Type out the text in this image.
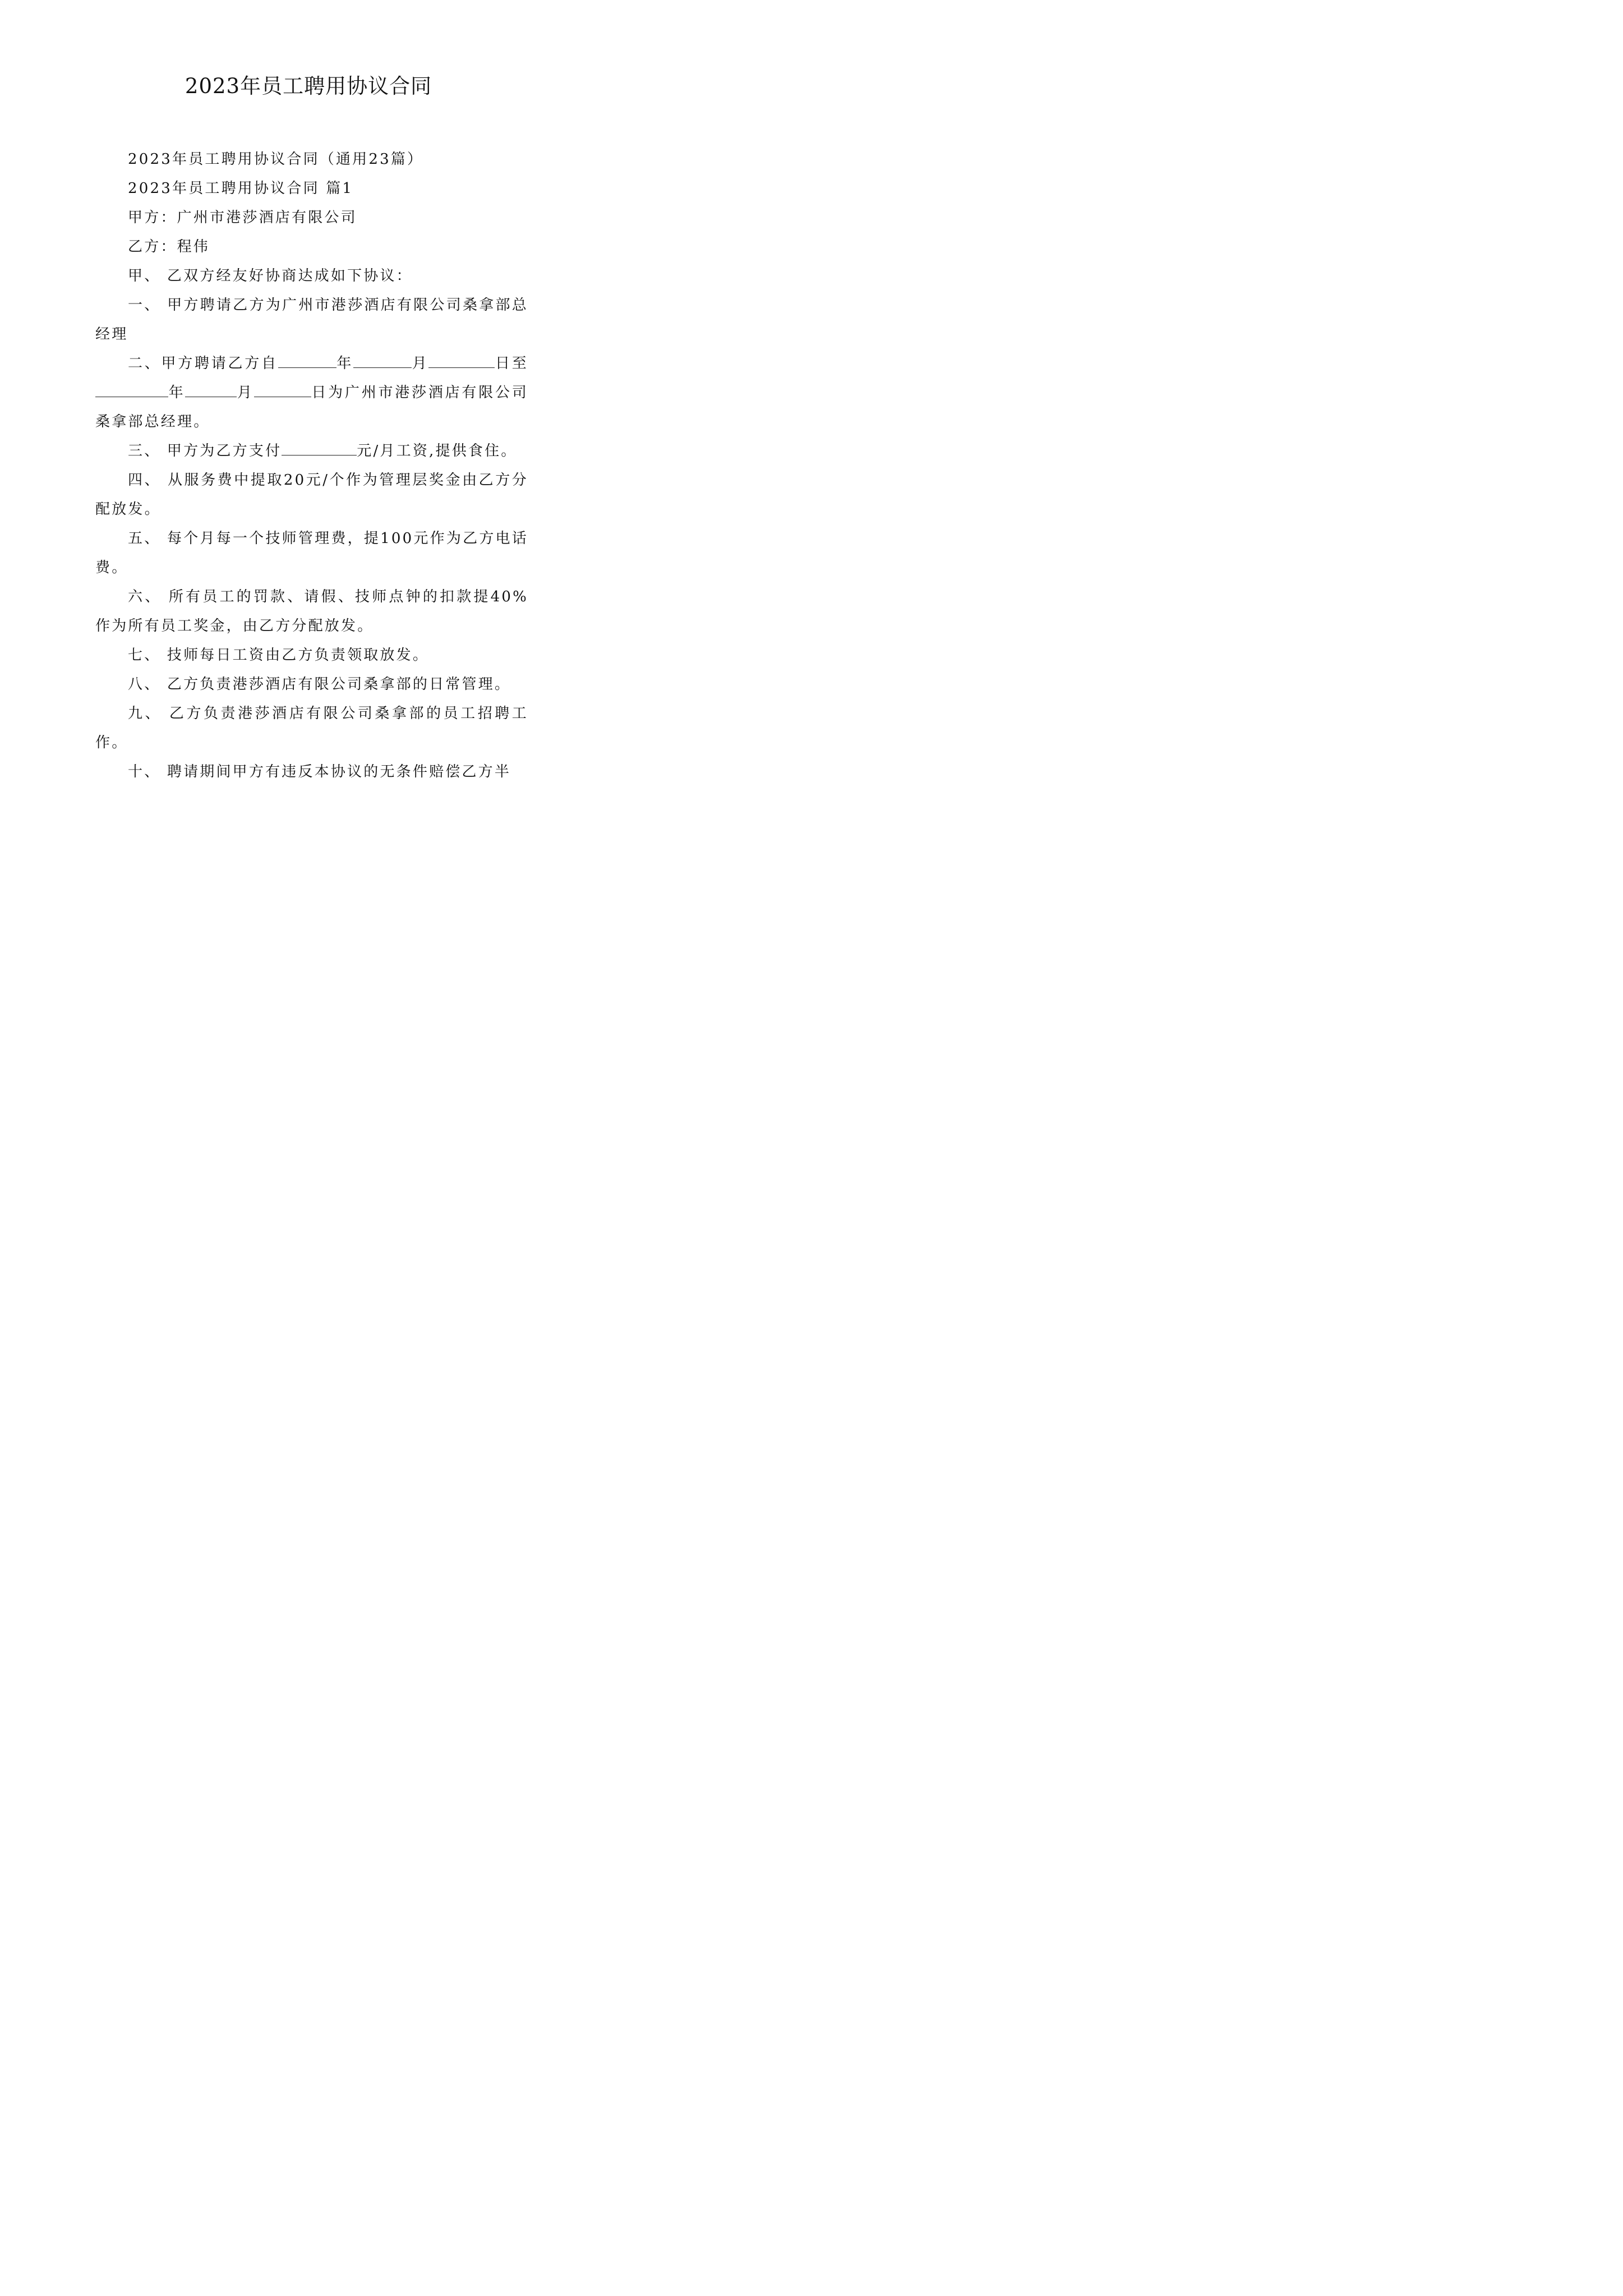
2023年员工聘用协议合同

2023年员工聘用协议合同（通用23篇）

2023年员工聘用协议合同 篇1

甲方：广州市港莎酒店有限公司

乙方：程伟

甲、 乙双方经友好协商达成如下协议：

一、 甲方聘请乙方为广州市港莎酒店有限公司桑拿部总经理

二、甲方聘请乙方自	年	月	日至年	月	日为广州市港莎酒店有限公司桑拿部总经理。

三、 甲方为乙方支付	元/月工资,提供食住。

四、 从服务费中提取20元/个作为管理层奖金由乙方分配放发。

五、 每个月每一个技师管理费，提100元作为乙方电话费。

六、 所有员工的罚款、请假、技师点钟的扣款提40%作为所有员工奖金，由乙方分配放发。

七、 技师每日工资由乙方负责领取放发。

八、 乙方负责港莎酒店有限公司桑拿部的日常管理。

九、 乙方负责港莎酒店有限公司桑拿部的员工招聘工作。

十、 聘请期间甲方有违反本协议的无条件赔偿乙方半
